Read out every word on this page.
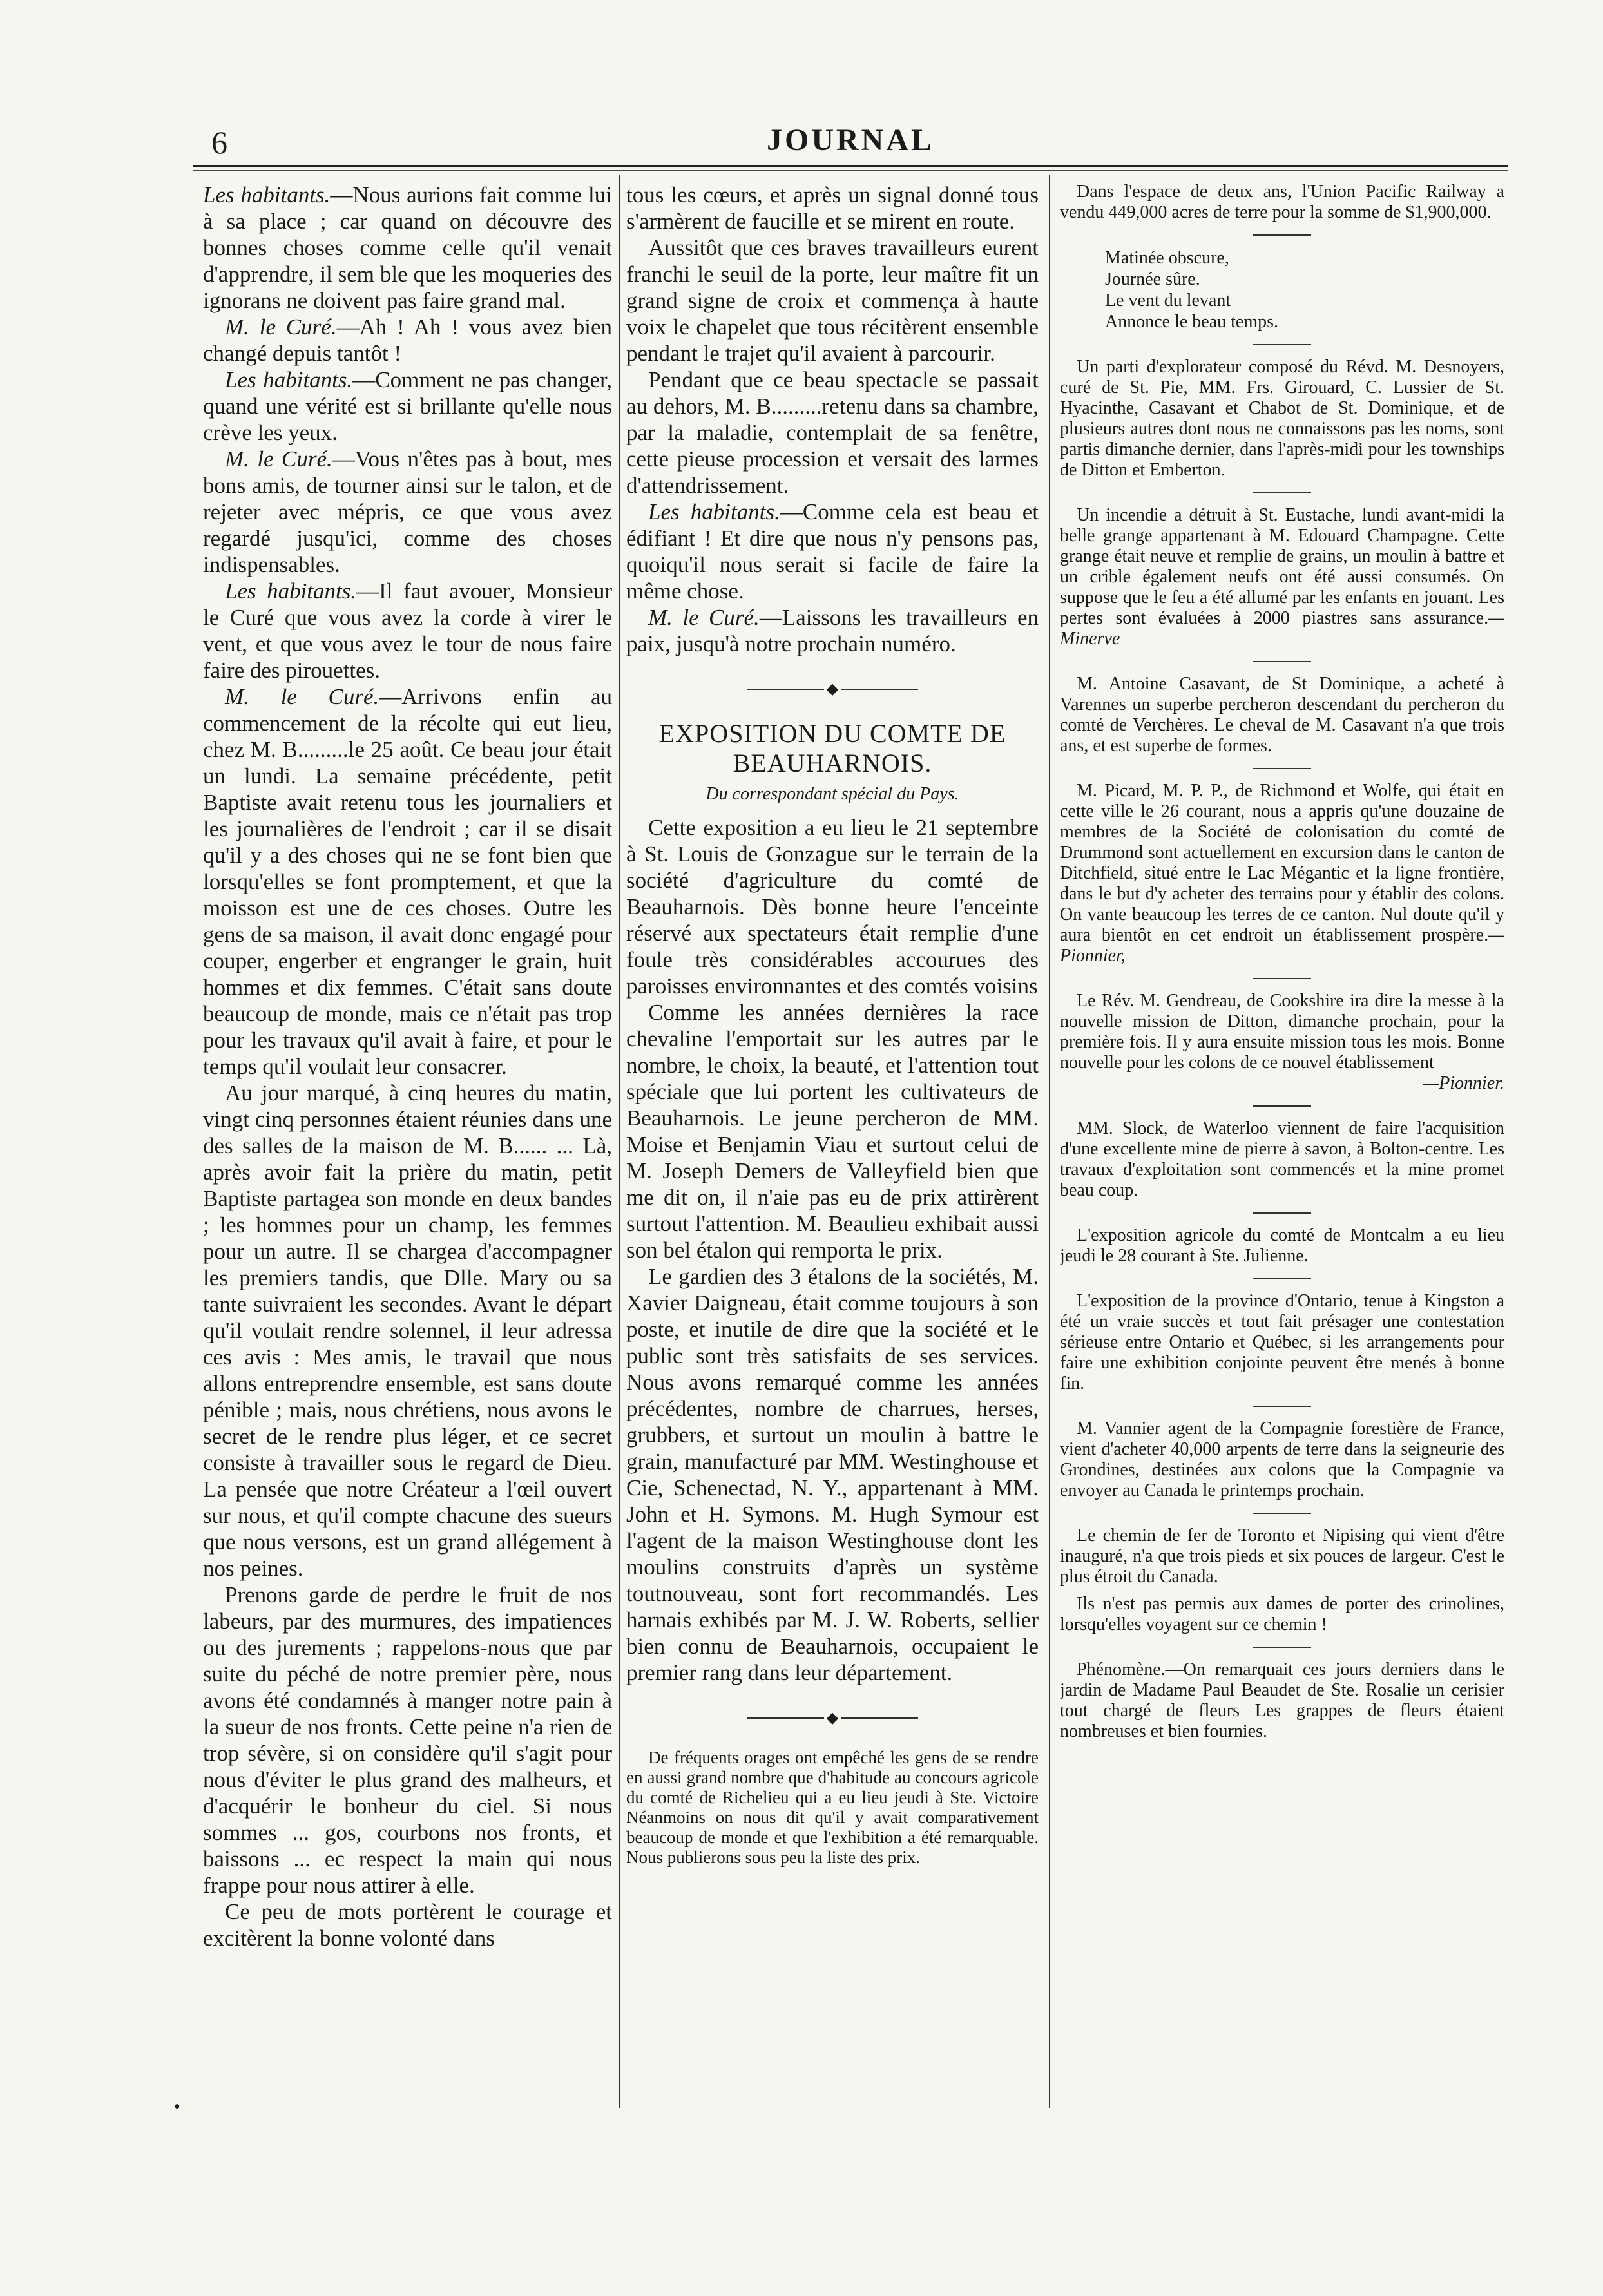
6	JOURNAL

Les habitants.—Nous aurions fait comme lui à sa place ; car quand on découvre des bonnes choses comme celle qu'il venait d'apprendre, il sem ble que les moqueries des ignorans ne doivent pas faire grand mal.

M. le Curé.—Ah ! Ah ! vous avez bien changé depuis tantôt !

Les habitants.—Comment ne pas changer, quand une vérité est si brillante qu'elle nous crève les yeux.

M. le Curé.—Vous n'êtes pas à bout, mes bons amis, de tourner ainsi sur le talon, et de rejeter avec mépris, ce que vous avez regardé jusqu'ici, comme des choses indispensables.

Les habitants.—Il faut avouer, Monsieur le Curé que vous avez la corde à virer le vent, et que vous avez le tour de nous faire faire des pirouettes.

M. le Curé.—Arrivons enfin au commencement de la récolte qui eut lieu, chez M. B.........le 25 août. Ce beau jour était un lundi. La semaine précédente, petit Baptiste avait retenu tous les journaliers et les journalières de l'endroit ; car il se disait qu'il y a des choses qui ne se font bien que lorsqu'elles se font promptement, et que la moisson est une de ces choses. Outre les gens de sa maison, il avait donc engagé pour couper, engerber et engranger le grain, huit hommes et dix femmes. C'était sans doute beaucoup de monde, mais ce n'était pas trop pour les travaux qu'il avait à faire, et pour le temps qu'il voulait leur consacrer.

Au jour marqué, à cinq heures du matin, vingt cinq personnes étaient réunies dans une des salles de la maison de M. B...... ... Là, après avoir fait la prière du matin, petit Baptiste partagea son monde en deux bandes ; les hommes pour un champ, les femmes pour un autre. Il se chargea d'accompagner les premiers tandis, que Dlle. Mary ou sa tante suivraient les secondes. Avant le départ qu'il voulait rendre solennel, il leur adressa ces avis : Mes amis, le travail que nous allons entreprendre ensemble, est sans doute pénible ; mais, nous chrétiens, nous avons le secret de le rendre plus léger, et ce secret consiste à travailler sous le regard de Dieu. La pensée que notre Créateur a l'œil ouvert sur nous, et qu'il compte chacune des sueurs que nous versons, est un grand allégement à nos peines.

Prenons garde de perdre le fruit de nos labeurs, par des murmures, des impatiences ou des jurements ; rappelons-nous que par suite du péché de notre premier père, nous avons été condamnés à manger notre pain à la sueur de nos fronts. Cette peine n'a rien de trop sévère, si on considère qu'il s'agit pour nous d'éviter le plus grand des malheurs, et d'acquérir le bonheur du ciel. Si nous sommes ... gos, courbons nos fronts, et baissons ... ec respect la main qui nous frappe pour nous attirer à elle.

Ce peu de mots portèrent le courage et excitèrent la bonne volonté dans

tous les cœurs, et après un signal donné tous s'armèrent de faucille et se mirent en route.

Aussitôt que ces braves travailleurs eurent franchi le seuil de la porte, leur maître fit un grand signe de croix et commença à haute voix le chapelet que tous récitèrent ensemble pendant le trajet qu'il avaient à parcourir.

Pendant que ce beau spectacle se passait au dehors, M. B.........retenu dans sa chambre, par la maladie, contemplait de sa fenêtre, cette pieuse procession et versait des larmes d'attendrissement.

Les habitants.—Comme cela est beau et édifiant ! Et dire que nous n'y pensons pas, quoiqu'il nous serait si facile de faire la même chose.

M. le Curé.—Laissons les travailleurs en paix, jusqu'à notre prochain numéro.

◆
EXPOSITION DU COMTE DE
BEAUHARNOIS.
Du correspondant spécial du Pays.

Cette exposition a eu lieu le 21 septembre à St. Louis de Gonzague sur le terrain de la société d'agriculture du comté de Beauharnois. Dès bonne heure l'enceinte réservé aux spectateurs était remplie d'une foule très considérables accourues des paroisses environnantes et des comtés voisins

Comme les années dernières la race chevaline l'emportait sur les autres par le nombre, le choix, la beauté, et l'attention tout spéciale que lui portent les cultivateurs de Beauharnois. Le jeune percheron de MM. Moise et Benjamin Viau et surtout celui de M. Joseph Demers de Valleyfield bien que me dit on, il n'aie pas eu de prix attirèrent surtout l'attention. M. Beaulieu exhibait aussi son bel étalon qui remporta le prix.

Le gardien des 3 étalons de la sociétés, M. Xavier Daigneau, était comme toujours à son poste, et inutile de dire que la société et le public sont très satisfaits de ses services. Nous avons remarqué comme les années précédentes, nombre de charrues, herses, grubbers, et surtout un moulin à battre le grain, manufacturé par MM. Westinghouse et Cie, Schenectad, N. Y., appartenant à MM. John et H. Symons. M. Hugh Symour est l'agent de la maison Westinghouse dont les moulins construits d'après un système toutnouveau, sont fort recommandés. Les harnais exhibés par M. J. W. Roberts, sellier bien connu de Beauharnois, occupaient le premier rang dans leur département.

◆

De fréquents orages ont empêché les gens de se rendre en aussi grand nombre que d'habitude au concours agricole du comté de Richelieu qui a eu lieu jeudi à Ste. Victoire Néanmoins on nous dit qu'il y avait comparativement beaucoup de monde et que l'exhibition a été remarquable. Nous publierons sous peu la liste des prix.

Dans l'espace de deux ans, l'Union Pacific Railway a vendu 449,000 acres de terre pour la somme de $1,900,000.

Matinée obscure,
Journée sûre.
Le vent du levant
Annonce le beau temps.

Un parti d'explorateur composé du Révd. M. Desnoyers, curé de St. Pie, MM. Frs. Girouard, C. Lussier de St. Hyacinthe, Casavant et Chabot de St. Dominique, et de plusieurs autres dont nous ne connaissons pas les noms, sont partis dimanche dernier, dans l'après-midi pour les townships de Ditton et Emberton.

Un incendie a détruit à St. Eustache, lundi avant-midi la belle grange appartenant à M. Edouard Champagne. Cette grange était neuve et remplie de grains, un moulin à battre et un crible également neufs ont été aussi consumés. On suppose que le feu a été allumé par les enfants en jouant. Les pertes sont évaluées à 2000 piastres sans assurance.—Minerve

M. Antoine Casavant, de St Dominique, a acheté à Varennes un superbe percheron descendant du percheron du comté de Verchères. Le cheval de M. Casavant n'a que trois ans, et est superbe de formes.

M. Picard, M. P. P., de Richmond et Wolfe, qui était en cette ville le 26 courant, nous a appris qu'une douzaine de membres de la Société de colonisation du comté de Drummond sont actuellement en excursion dans le canton de Ditchfield, situé entre le Lac Mégantic et la ligne frontière, dans le but d'y acheter des terrains pour y établir des colons. On vante beaucoup les terres de ce canton. Nul doute qu'il y aura bientôt en cet endroit un établissement prospère.—Pionnier,

Le Rév. M. Gendreau, de Cookshire ira dire la messe à la nouvelle mission de Ditton, dimanche prochain, pour la première fois. Il y aura ensuite mission tous les mois. Bonne nouvelle pour les colons de ce nouvel établissement

—Pionnier.

MM. Slock, de Waterloo viennent de faire l'acquisition d'une excellente mine de pierre à savon, à Bolton-centre. Les travaux d'exploitation sont commencés et la mine promet beau coup.

L'exposition agricole du comté de Montcalm a eu lieu jeudi le 28 courant à Ste. Julienne.

L'exposition de la province d'Ontario, tenue à Kingston a été un vraie succès et tout fait présager une contestation sérieuse entre Ontario et Québec, si les arrangements pour faire une exhibition conjointe peuvent être menés à bonne fin.

M. Vannier agent de la Compagnie forestière de France, vient d'acheter 40,000 arpents de terre dans la seigneurie des Grondines, destinées aux colons que la Compagnie va envoyer au Canada le printemps prochain.

Le chemin de fer de Toronto et Nipising qui vient d'être inauguré, n'a que trois pieds et six pouces de largeur. C'est le plus étroit du Canada.

Ils n'est pas permis aux dames de porter des crinolines, lorsqu'elles voyagent sur ce chemin !

Phénomène.—On remarquait ces jours derniers dans le jardin de Madame Paul Beaudet de Ste. Rosalie un cerisier tout chargé de fleurs Les grappes de fleurs étaient nombreuses et bien fournies.

•
